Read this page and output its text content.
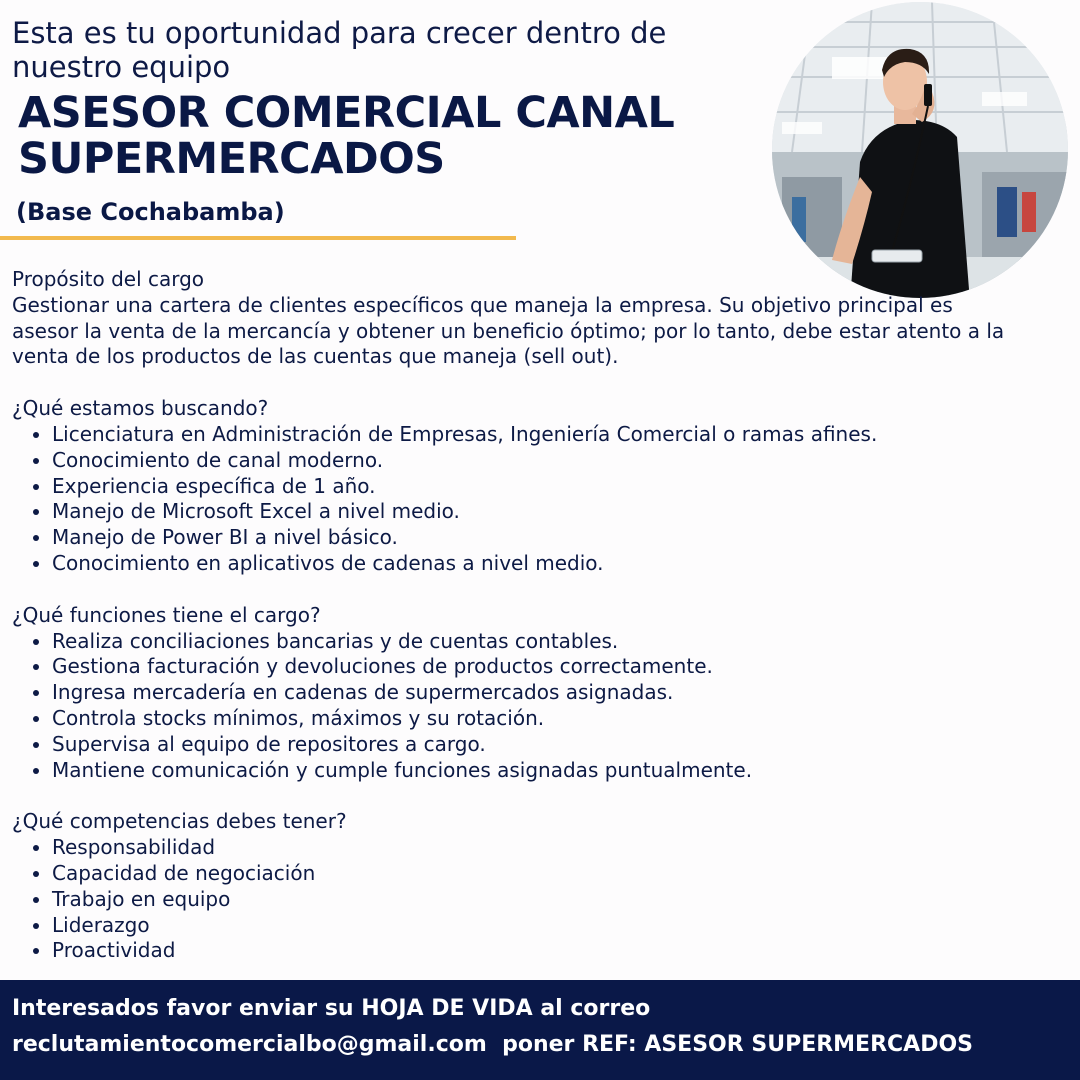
Esta es tu oportunidad para crecer dentro de nuestro equipo
ASESOR COMERCIAL CANAL SUPERMERCADOS
(Base Cochabamba)

Propósito del cargo

Gestionar una cartera de clientes específicos que maneja la empresa. Su objetivo principal es asesor la venta de la mercancía y obtener un beneficio óptimo; por lo tanto, debe estar atento a la venta de los productos de las cuentas que maneja (sell out).

¿Qué estamos buscando?

• Licenciatura en Administración de Empresas, Ingeniería Comercial o ramas afines.
• Conocimiento de canal moderno.
• Experiencia específica de 1 año.
• Manejo de Microsoft Excel a nivel medio.
• Manejo de Power BI a nivel básico.
• Conocimiento en aplicativos de cadenas a nivel medio.

¿Qué funciones tiene el cargo?

• Realiza conciliaciones bancarias y de cuentas contables.
• Gestiona facturación y devoluciones de productos correctamente.
• Ingresa mercadería en cadenas de supermercados asignadas.
• Controla stocks mínimos, máximos y su rotación.
• Supervisa al equipo de repositores a cargo.
• Mantiene comunicación y cumple funciones asignadas puntualmente.

¿Qué competencias debes tener?

• Responsabilidad
• Capacidad de negociación
• Trabajo en equipo
• Liderazgo
• Proactividad
Interesados favor enviar su HOJA DE VIDA al correo
reclutamientocomercialbo@gmail.com poner REF: ASESOR SUPERMERCADOS
